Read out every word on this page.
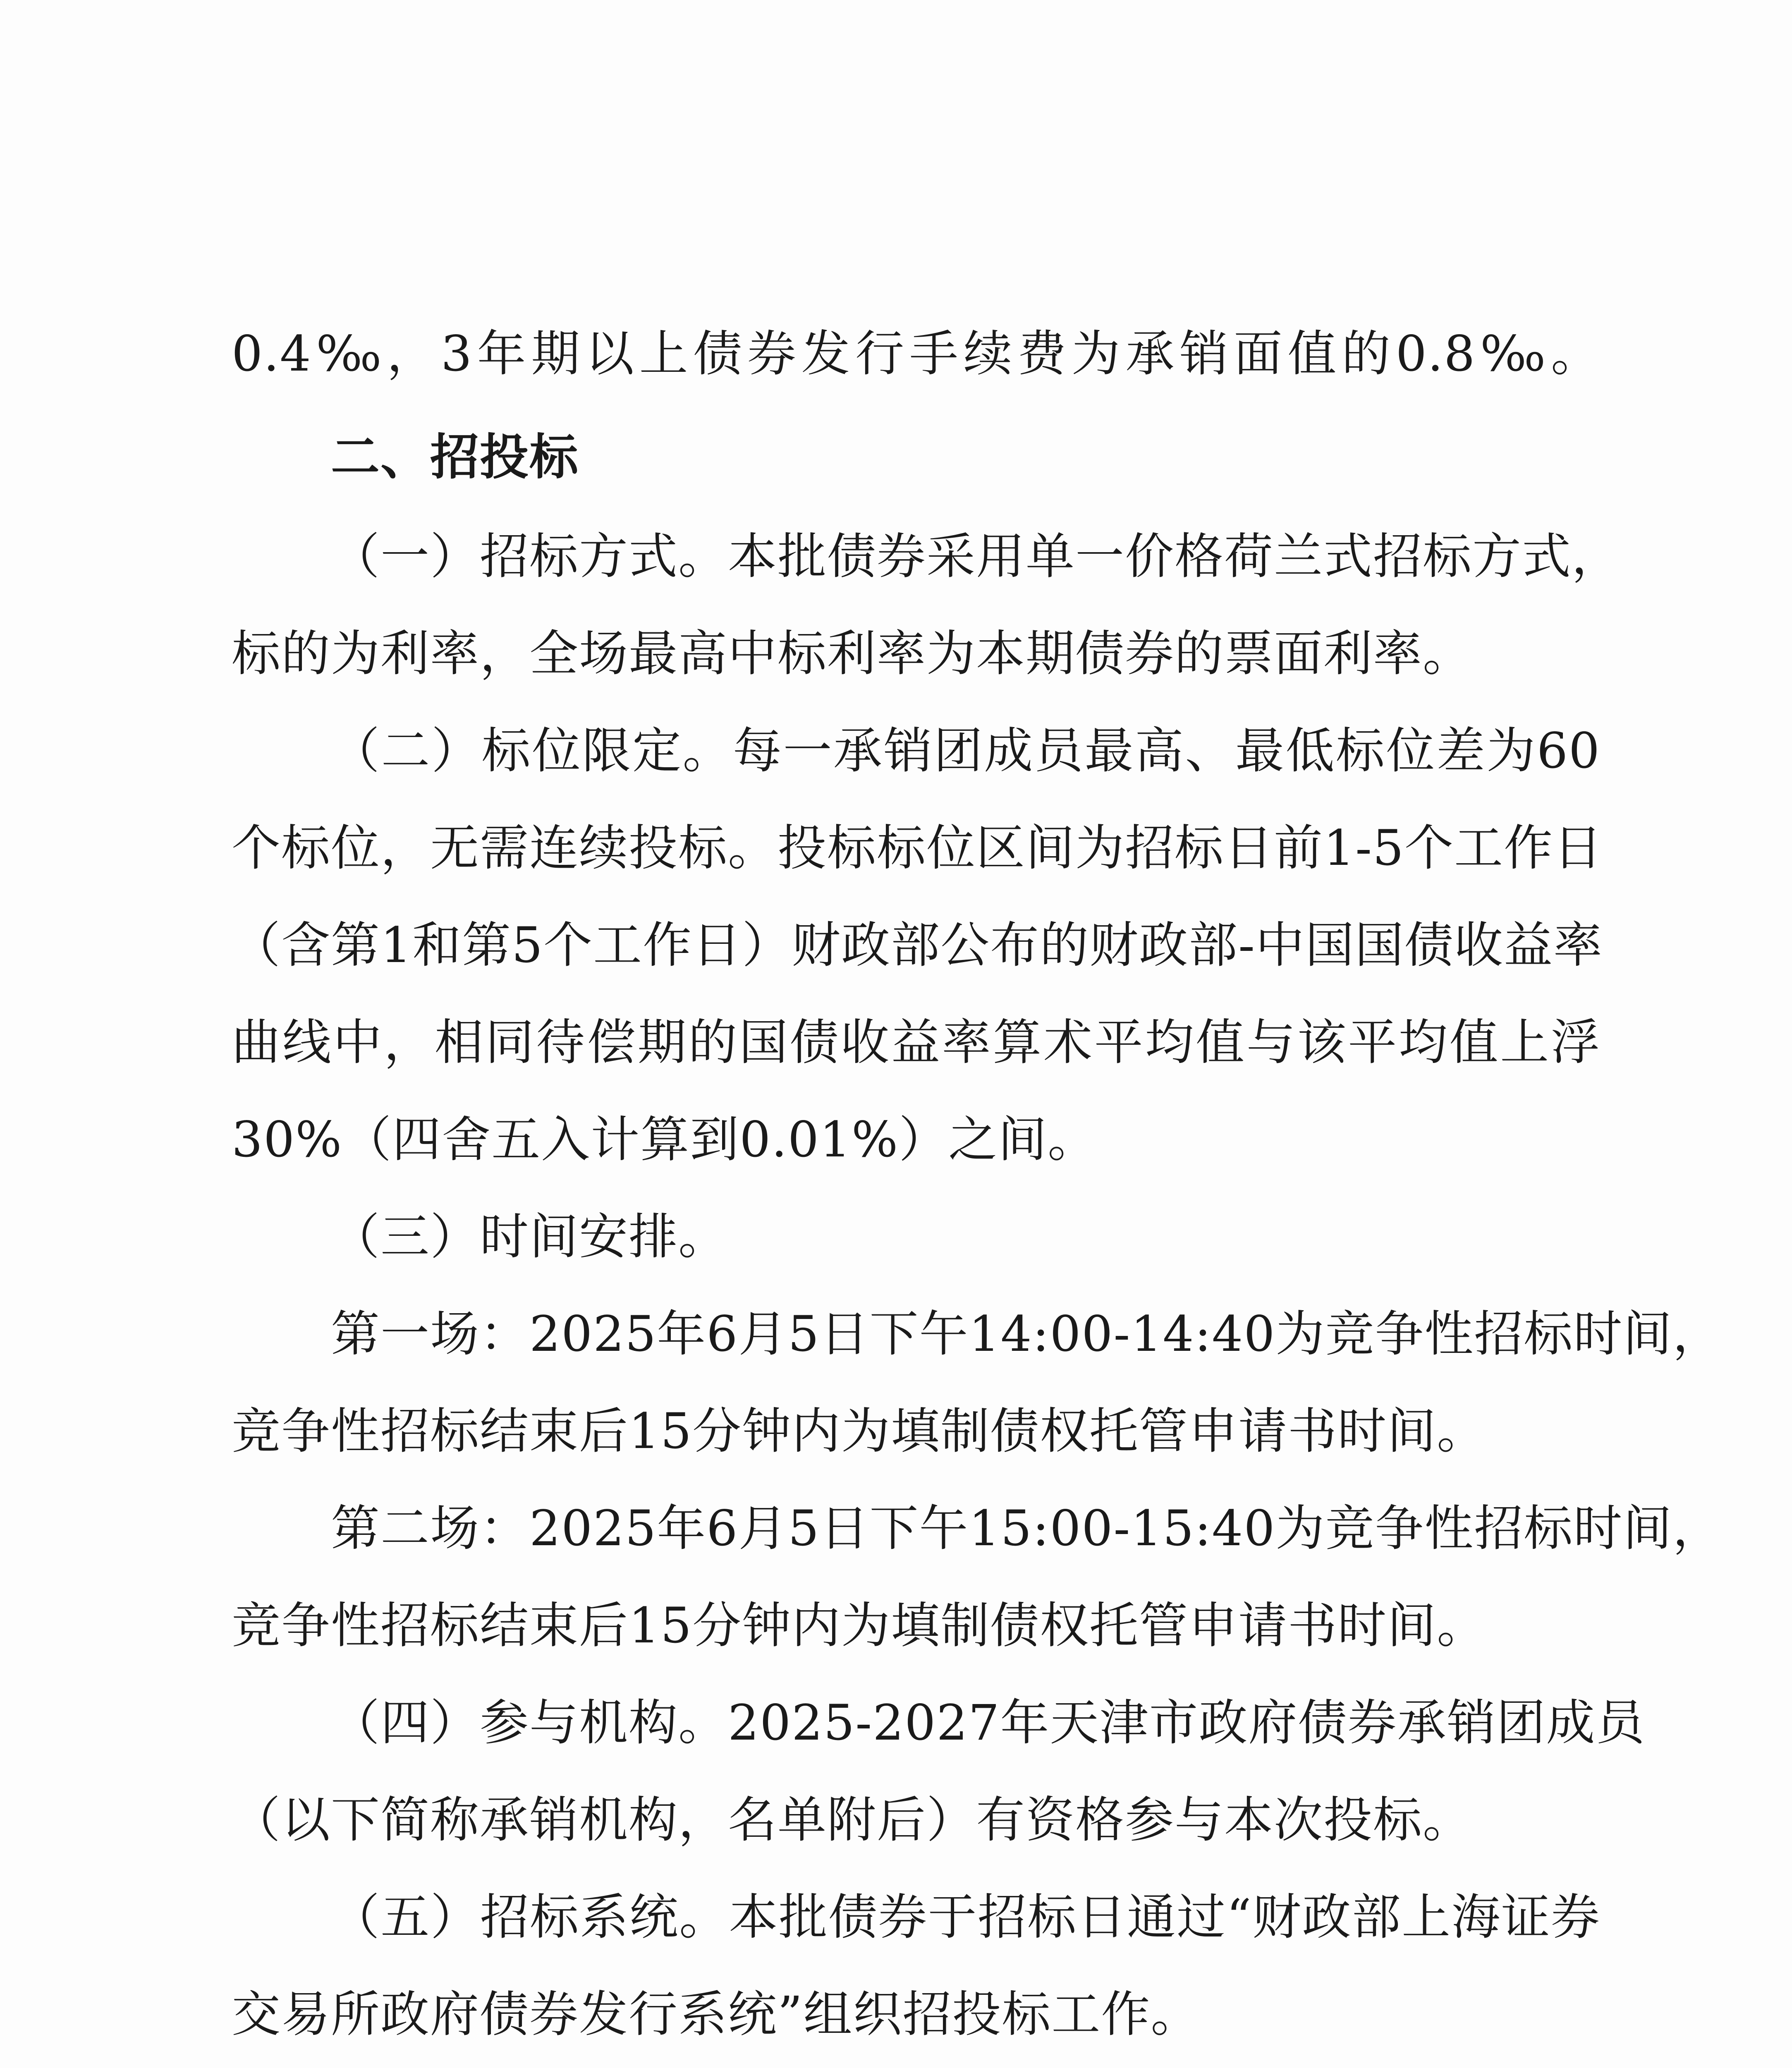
0.4‰，3年期以上债券发行手续费为承销面值的0.8‰。
二、招投标
（一）招标方式。本批债券采用单一价格荷兰式招标方式，
标的为利率，全场最高中标利率为本期债券的票面利率。
（二）标位限定。每一承销团成员最高、最低标位差为60
个标位，无需连续投标。投标标位区间为招标日前1-5个工作日
（含第1和第5个工作日）财政部公布的财政部-中国国债收益率
曲线中，相同待偿期的国债收益率算术平均值与该平均值上浮
30%（四舍五入计算到0.01%）之间。
（三）时间安排。
第一场：2025年6月5日下午14:00-14:40为竞争性招标时间，
竞争性招标结束后15分钟内为填制债权托管申请书时间。
第二场：2025年6月5日下午15:00-15:40为竞争性招标时间，
竞争性招标结束后15分钟内为填制债权托管申请书时间。
（四）参与机构。2025-2027年天津市政府债券承销团成员
（以下简称承销机构，名单附后）有资格参与本次投标。
（五）招标系统。本批债券于招标日通过“财政部上海证券
交易所政府债券发行系统”组织招投标工作。
